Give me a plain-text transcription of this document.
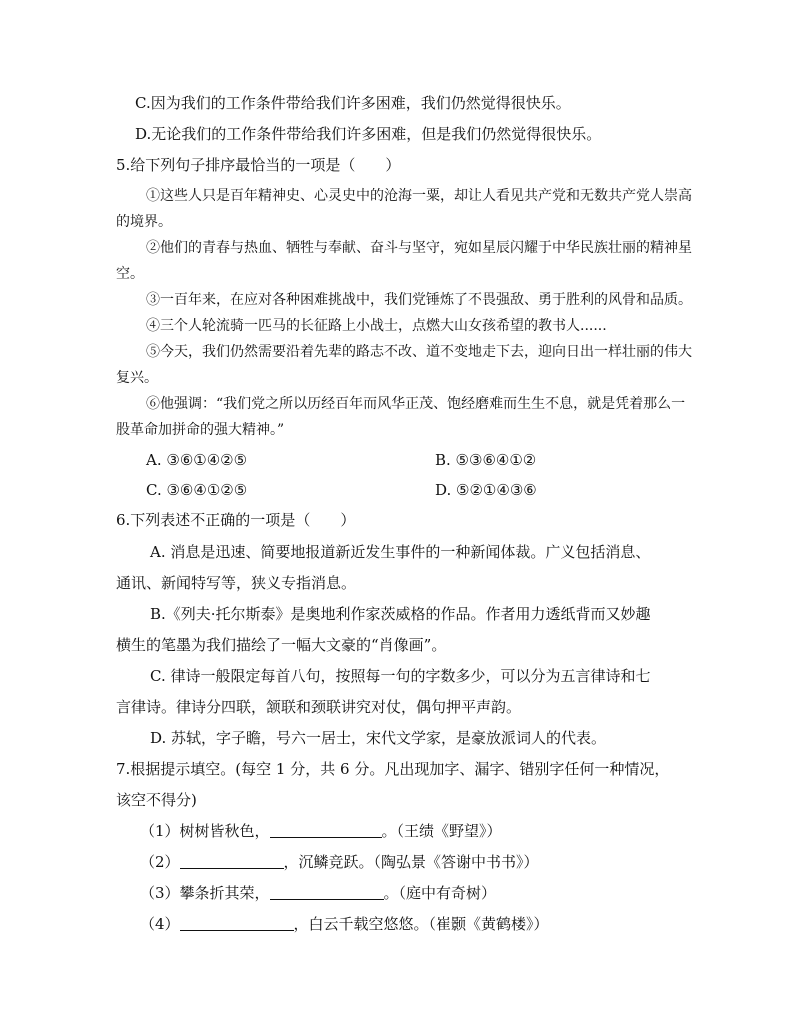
C.因为我们的工作条件带给我们许多困难，我们仍然觉得很快乐。
D.无论我们的工作条件带给我们许多困难，但是我们仍然觉得很快乐。
5.给下列句子排序最恰当的一项是（　　）
①这些人只是百年精神史、心灵史中的沧海一粟，却让人看见共产党和无数共产党人崇高
的境界。
②他们的青春与热血、牺牲与奉献、奋斗与坚守，宛如星辰闪耀于中华民族壮丽的精神星
空。
③一百年来，在应对各种困难挑战中，我们党锤炼了不畏强敌、勇于胜利的风骨和品质。
④三个人轮流骑一匹马的长征路上小战士，点燃大山女孩希望的教书人......
⑤今天，我们仍然需要沿着先辈的路志不改、道不变地走下去，迎向日出一样壮丽的伟大
复兴。
⑥他强调：“我们党之所以历经百年而风华正茂、饱经磨难而生生不息，就是凭着那么一
股革命加拼命的强大精神。”
A. ③⑥①④②⑤	B. ⑤③⑥④①②
C. ③⑥④①②⑤	D. ⑤②①④③⑥
6.下列表述不正确的一项是（　　）
A. 消息是迅速、简要地报道新近发生事件的一种新闻体裁。广义包括消息、
通讯、新闻特写等，狭义专指消息。
B.《列夫·托尔斯泰》是奥地利作家茨威格的作品。作者用力透纸背而又妙趣
横生的笔墨为我们描绘了一幅大文豪的“肖像画”。
C. 律诗一般限定每首八句，按照每一句的字数多少，可以分为五言律诗和七
言律诗。律诗分四联，颔联和颈联讲究对仗，偶句押平声韵。
D. 苏轼，字子瞻，号六一居士，宋代文学家，是豪放派词人的代表。
7.根据提示填空。(每空 1 分，共 6 分。凡出现加字、漏字、错别字任何一种情况，
该空不得分)
（1）树树皆秋色，	。（王绩《野望》）
（2）	，沉鳞竞跃。（陶弘景《答谢中书书》）
（3）攀条折其荣，	。（庭中有奇树）
（4）	，白云千载空悠悠。（崔颢《黄鹤楼》）
